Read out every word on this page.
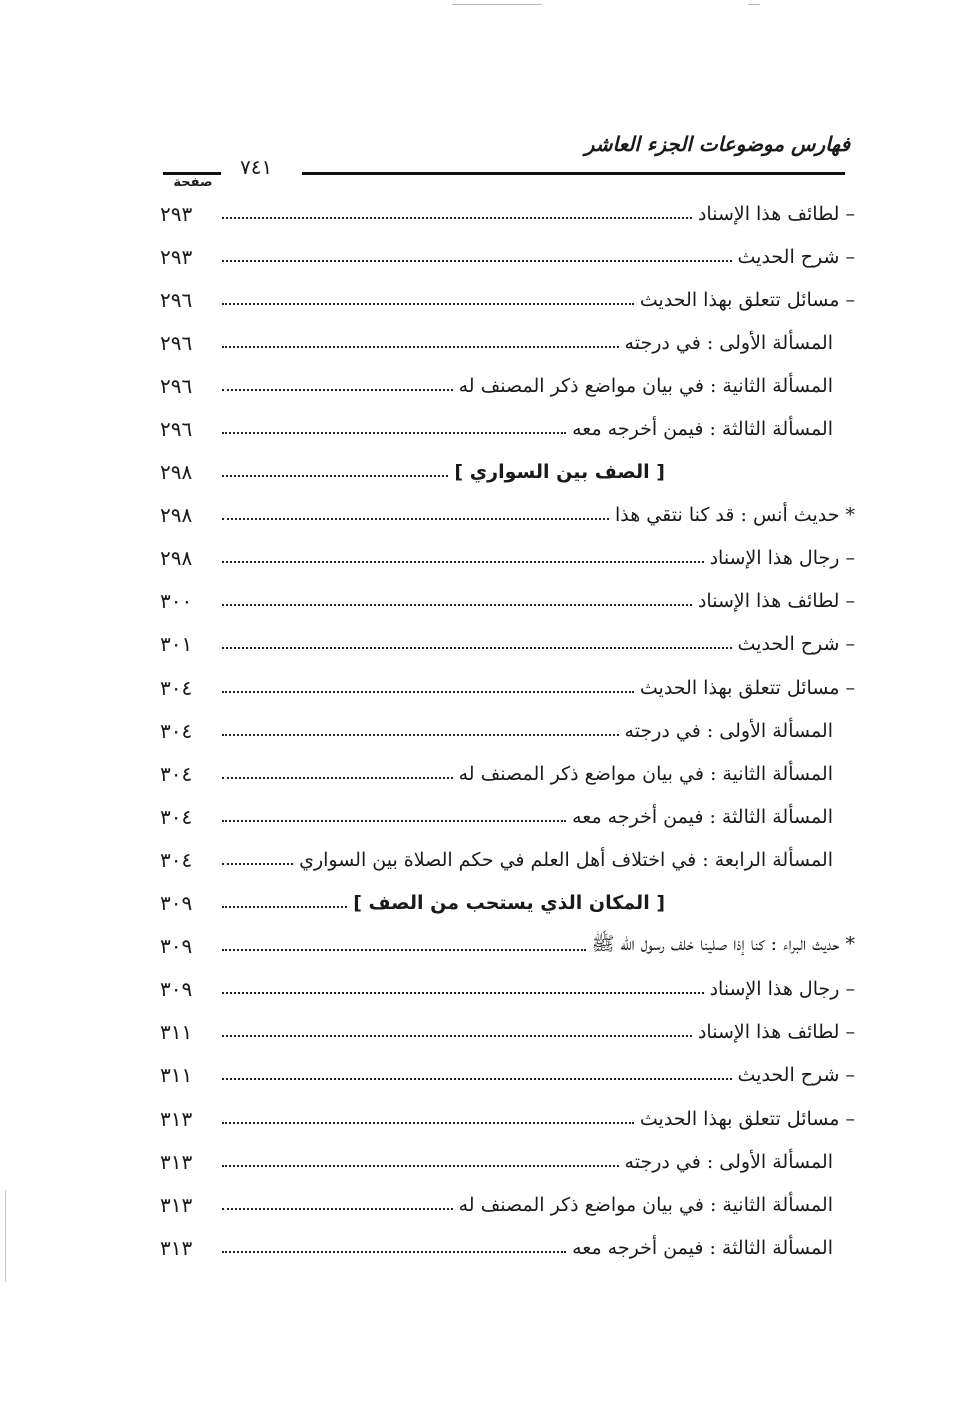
فهارس موضوعات الجزء العاشر
٧٤١
صفحة
– لطائف هذا الإسناد
٢٩٣
– شرح الحديث
٢٩٣
– مسائل تتعلق بهذا الحديث
٢٩٦
المسألة الأولى : في درجته
٢٩٦
المسألة الثانية : في بيان مواضع ذكر المصنف له
٢٩٦
المسألة الثالثة : فيمن أخرجه معه
٢٩٦
[ الصف بين السواري ]
٢٩٨
* حديث أنس : قد كنا نتقي هذا
٢٩٨
– رجال هذا الإسناد
٢٩٨
– لطائف هذا الإسناد
٣٠٠
– شرح الحديث
٣٠١
– مسائل تتعلق بهذا الحديث
٣٠٤
المسألة الأولى : في درجته
٣٠٤
المسألة الثانية : في بيان مواضع ذكر المصنف له
٣٠٤
المسألة الثالثة : فيمن أخرجه معه
٣٠٤
المسألة الرابعة : في اختلاف أهل العلم في حكم الصلاة بين السواري
٣٠٤
[ المكان الذي يستحب من الصف ]
٣٠٩
* حديث البراء : كنا إذا صلينا خلف رسول الله ﷺ
٣٠٩
– رجال هذا الإسناد
٣٠٩
– لطائف هذا الإسناد
٣١١
– شرح الحديث
٣١١
– مسائل تتعلق بهذا الحديث
٣١٣
المسألة الأولى : في درجته
٣١٣
المسألة الثانية : في بيان مواضع ذكر المصنف له
٣١٣
المسألة الثالثة : فيمن أخرجه معه
٣١٣
